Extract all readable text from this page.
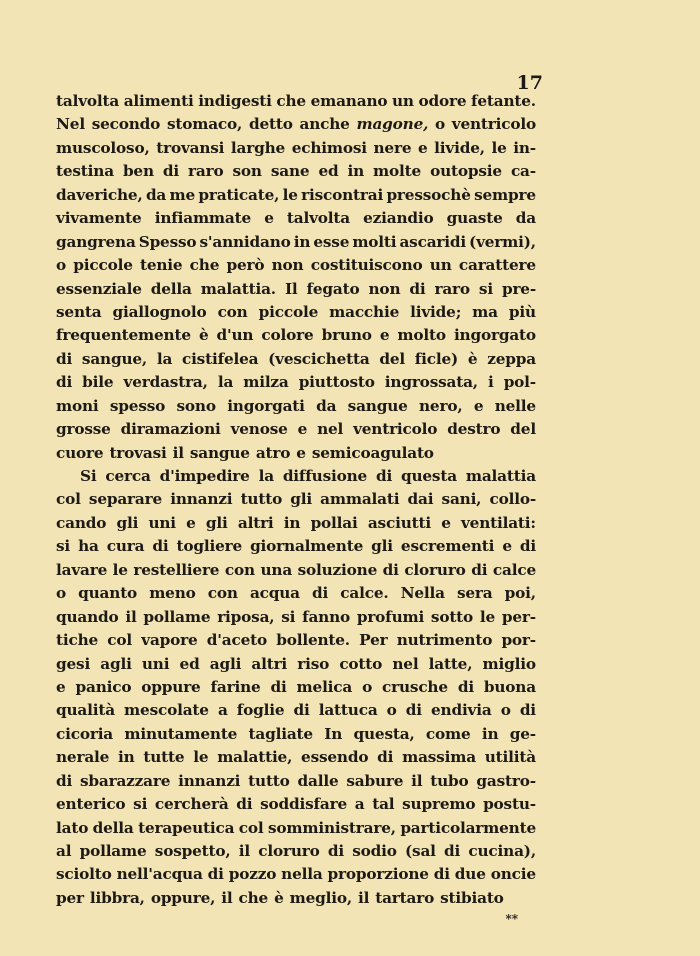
17
talvolta alimenti indigesti che emanano un odore fetante.
Nel secondo stomaco, detto anche magone, o ventricolo
muscoloso, trovansi larghe echimosi nere e livide, le in-
testina ben di raro son sane ed in molte outopsie ca-
daveriche, da me praticate, le riscontrai pressochè sempre
vivamente infiammate e talvolta eziandio guaste da
gangrena Spesso s'annidano in esse molti ascaridi (vermi),
o piccole tenie che però non costituiscono un carattere
essenziale della malattia. Il fegato non di raro si pre-
senta giallognolo con piccole macchie livide; ma più
frequentemente è d'un colore bruno e molto ingorgato
di sangue, la cistifelea (vescichetta del ficle) è zeppa
di bile verdastra, la milza piuttosto ingrossata, i pol-
moni spesso sono ingorgati da sangue nero, e nelle
grosse diramazioni venose e nel ventricolo destro del
cuore trovasi il sangue atro e semicoagulato
Si cerca d'impedire la diffusione di questa malattia
col separare innanzi tutto gli ammalati dai sani, collo-
cando gli uni e gli altri in pollai asciutti e ventilati:
si ha cura di togliere giornalmente gli escrementi e di
lavare le restelliere con una soluzione di cloruro di calce
o quanto meno con acqua di calce. Nella sera poi,
quando il pollame riposa, si fanno profumi sotto le per-
tiche col vapore d'aceto bollente. Per nutrimento por-
gesi agli uni ed agli altri riso cotto nel latte, miglio
e panico oppure farine di melica o crusche di buona
qualità mescolate a foglie di lattuca o di endivia o di
cicoria minutamente tagliate In questa, come in ge-
nerale in tutte le malattie, essendo di massima utilità
di sbarazzare innanzi tutto dalle sabure il tubo gastro-
enterico si cercherà di soddisfare a tal supremo postu-
lato della terapeutica col somministrare, particolarmente
al pollame sospetto, il cloruro di sodio (sal di cucina),
sciolto nell'acqua di pozzo nella proporzione di due oncie
per libbra, oppure, il che è meglio, il tartaro stibiato
**
